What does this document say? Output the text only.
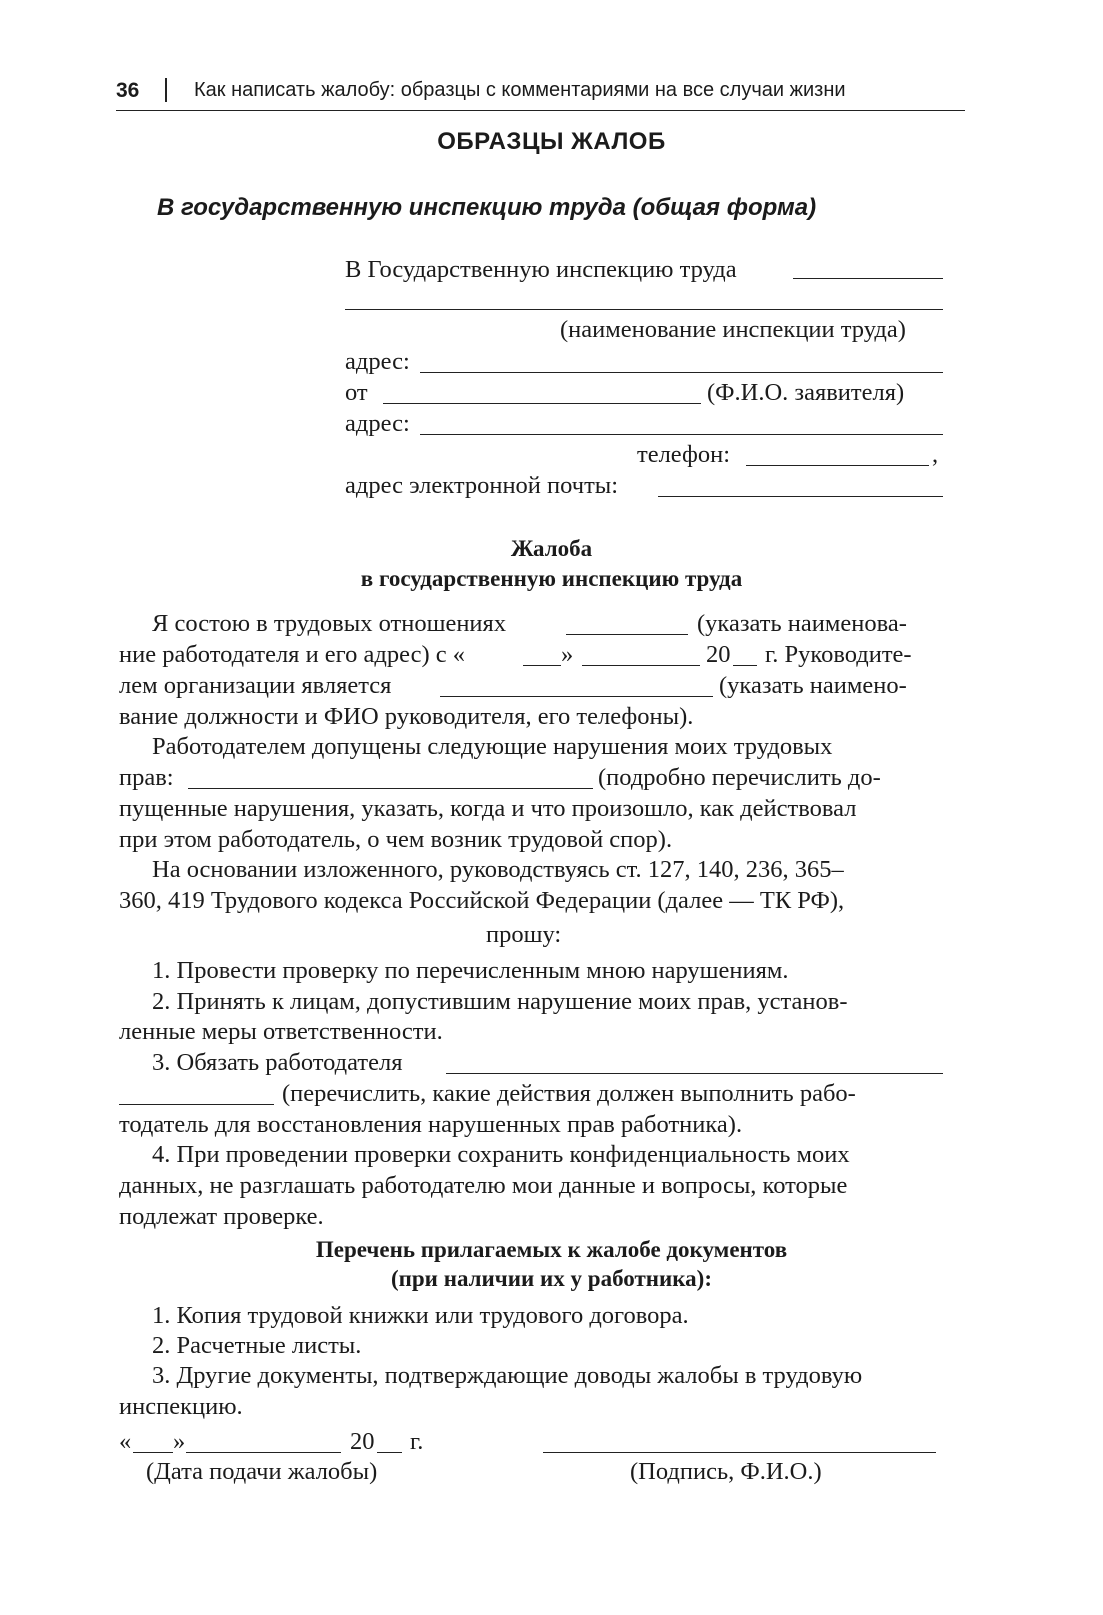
36	Как написать жалобу: образцы с комментариями на все случаи жизни
ОБРАЗЦЫ ЖАЛОБ
В государственную инспекцию труда (общая форма)
В Государственную инспекцию труда
(наименование инспекции труда)
адрес:
от	(Ф.И.О. заявителя)
адрес:
телефон:	,
адрес электронной почты:
Жалоба
в государственную инспекцию труда
Я состою в трудовых отношениях	(указать наименова-
ние работодателя и его адрес) с «	»	20 г. Руководите-
лем организации является	(указать наимено-
вание должности и ФИО руководителя, его телефоны).
Работодателем допущены следующие нарушения моих трудовых
прав:	(подробно перечислить до-
пущенные нарушения, указать, когда и что произошло, как действовал
при этом работодатель, о чем возник трудовой спор).
На основании изложенного, руководствуясь ст. 127, 140, 236, 365–
360, 419 Трудового кодекса Российской Федерации (далее — ТК РФ),
прошу:
1. Провести проверку по перечисленным мною нарушениям.
2. Принять к лицам, допустившим нарушение моих прав, установ-
ленные меры ответственности.
3. Обязать работодателя
(перечислить, какие действия должен выполнить рабо-
тодатель для восстановления нарушенных прав работника).
4. При проведении проверки сохранить конфиденциальность моих
данных, не разглашать работодателю мои данные и вопросы, которые
подлежат проверке.
Перечень прилагаемых к жалобе документов
(при наличии их у работника):
1. Копия трудовой книжки или трудового договора.
2. Расчетные листы.
3. Другие документы, подтверждающие доводы жалобы в трудовую
инспекцию.
« »	20 г.
(Дата подачи жалобы)	(Подпись, Ф.И.О.)
